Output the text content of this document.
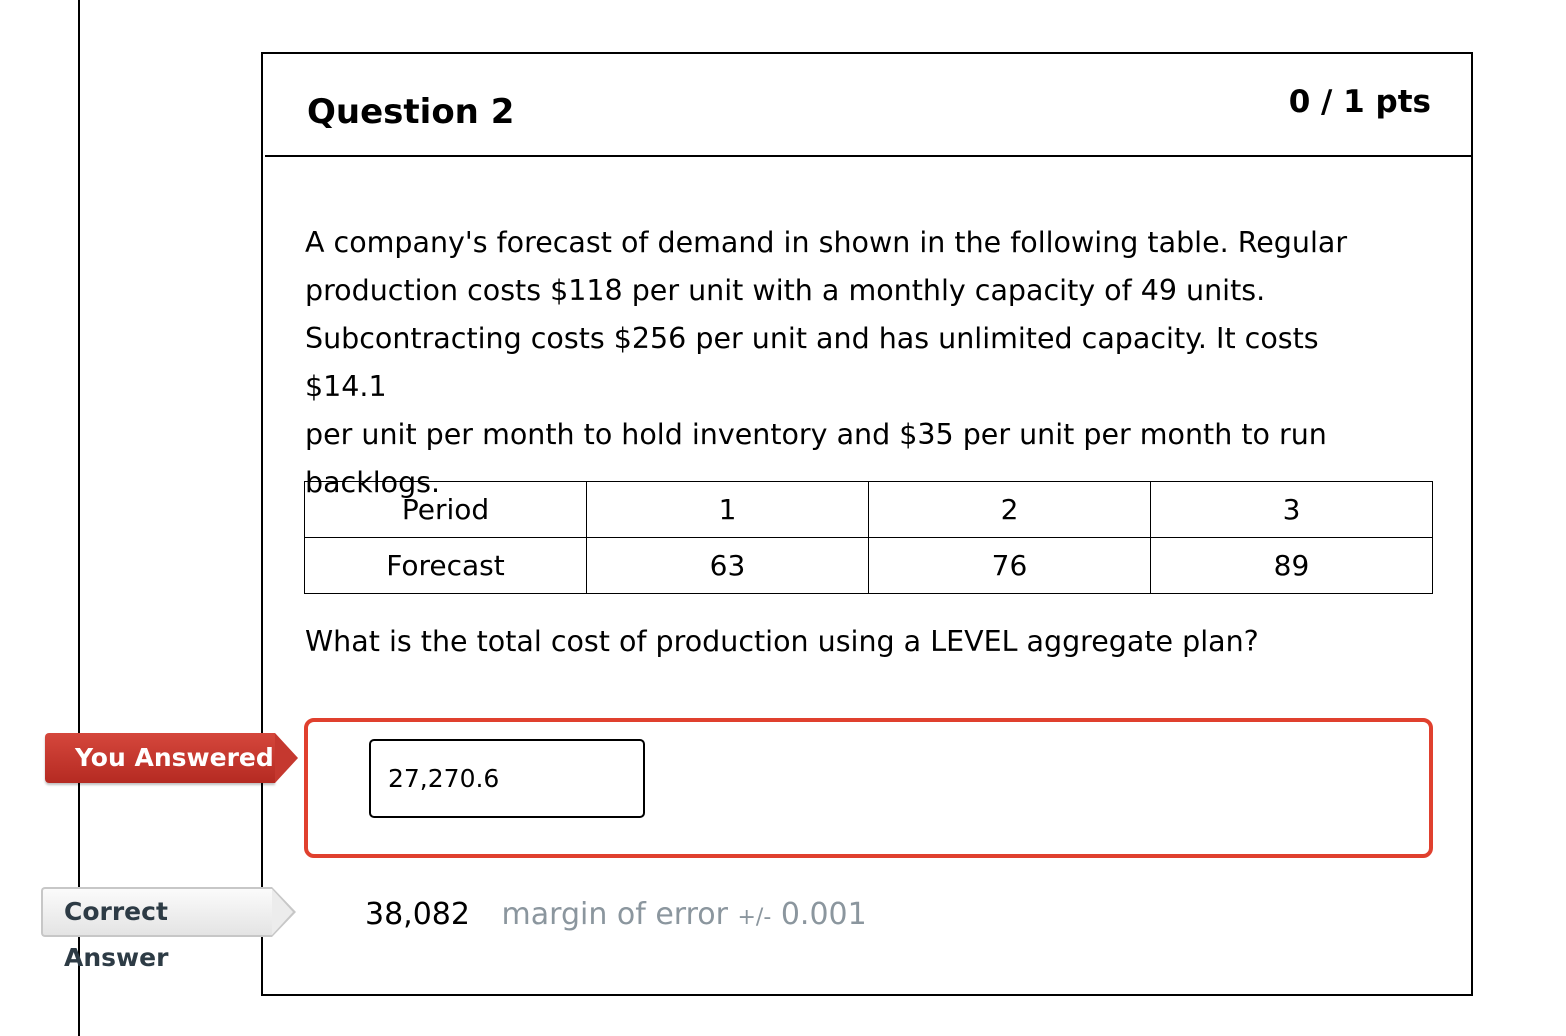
Question 2	0 / 1 pts
A company's forecast of demand in shown in the following table. Regular
production costs $118 per unit with a monthly capacity of 49 units.
Subcontracting costs $256 per unit and has unlimited capacity. It costs $14.1
per unit per month to hold inventory and $35 per unit per month to run
backlogs.
Period	1	2	3
Forecast	63	76	89
What is the total cost of production using a LEVEL aggregate plan?
27,270.6
38,082 margin of error +/- 0.001
You Answered
Correct Answer
